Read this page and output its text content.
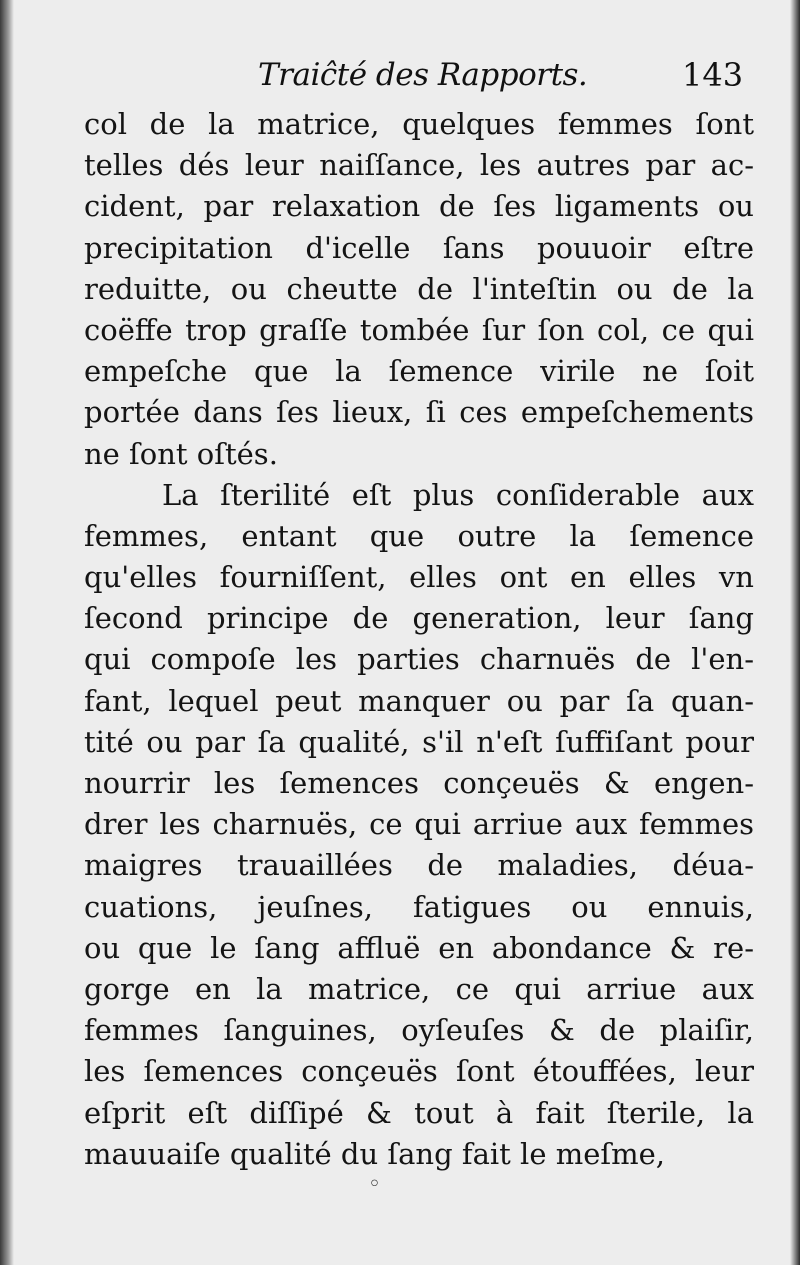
Traiĉté des Rapports.	143
col de la matrice, quelques femmes ſont
telles dés leur naiſſance, les autres par ac-
cident, par relaxation de ſes ligaments ou
precipitation d'icelle ſans pouuoir eſtre
reduitte, ou cheutte de l'inteſtin ou de la
coëffe trop graſſe tombée ſur ſon col, ce qui
empeſche que la ſemence virile ne ſoit
portée dans ſes lieux, ſi ces empeſchements
ne ſont oſtés.
La ſterilité eſt plus conſiderable aux
femmes, entant que outre la ſemence
qu'elles fourniſſent, elles ont en elles vn
ſecond principe de generation, leur ſang
qui compoſe les parties charnuës de l'en-
fant, lequel peut manquer ou par ſa quan-
tité ou par ſa qualité, s'il n'eſt ſuffiſant pour
nourrir les ſemences conçeuës & engen-
drer les charnuës, ce qui arriue aux femmes
maigres trauaillées de maladies, déua-
cuations, jeuſnes, fatigues ou ennuis,
ou que le ſang affluë en abondance & re-
gorge en la matrice, ce qui arriue aux
femmes ſanguines, oyſeuſes & de plaiſir,
les ſemences conçeuës ſont étouffées, leur
eſprit eſt diſſipé & tout à fait ſterile, la
mauuaiſe qualité du ſang fait le meſme,
◦
